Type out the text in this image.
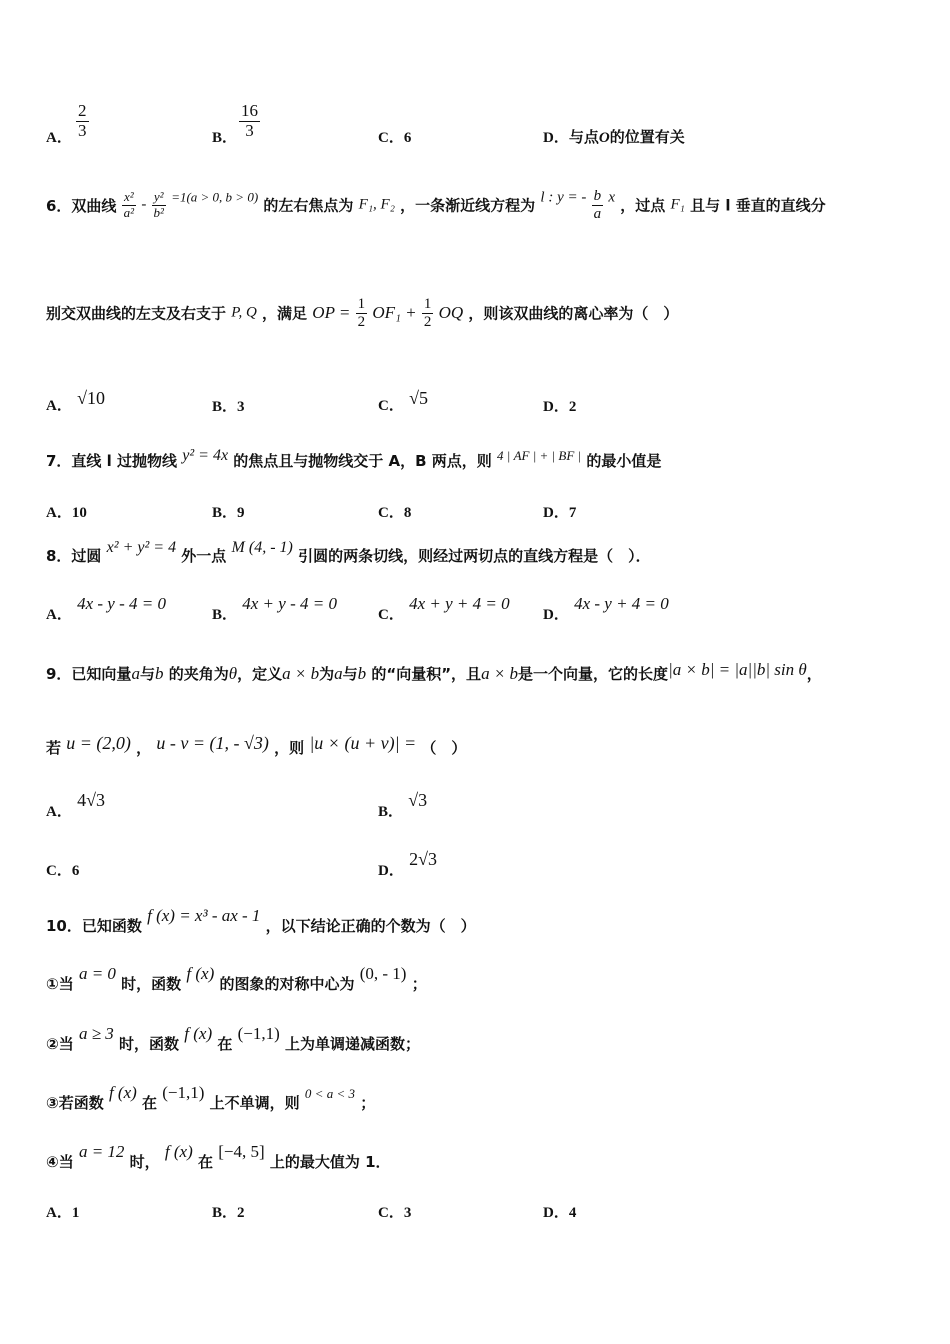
A． $\frac{2}{3}$	B． $\frac{16}{3}$	C．6	D．与点O的位置有关
6．双曲线 $\frac{\text{x²}}{\text{a²}} - \frac{\text{y²}}{\text{b²}} =1(a > 0$, b > 0) 的左右焦点为 F₁, F₂ ，一条渐近线方程为 l : y = - $\frac{b}{a}$ x ，过点 F₁ 且与 l 垂直的直线分
别交双曲线的左支及右支于 P, Q ，满足 OP = $\frac{1}{2} OF_1 + \frac{1}{2}$ OQ ，则该双曲线的离心率为（　）
A． √10	B．3	C． √5	D．2
7．直线 l 过抛物线 y² = 4x 的焦点且与抛物线交于 A，B 两点，则 4 | AF | + | BF | 的最小值是
A．10	B．9	C．8	D．7
8．过圆 x² + y² = 4 外一点 M (4, - 1) 引圆的两条切线，则经过两切点的直线方程是（　）．
A． 4x - y - 4 = 0
B． 4x + y - 4 = 0
C． 4x + y + 4 = 0
D． 4x - y + 4 = 0
9．已知向量a与b 的夹角为θ，定义a × b为a与b 的“向量积”，且a × b是一个向量，它的长度|a × b| = |a||b| sin θ，
若 u = (2,0) ， u - v = (1, - √3) ，则 |u × (u + v)| = （　）
A． 4√3
B． √3
C．6	D． 2√3
10．已知函数 f (x) = x³ - ax - 1 ，以下结论正确的个数为（　）
①当 a = 0 时，函数 f (x) 的图象的对称中心为 (0, - 1) ；
②当 a ≥ 3 时，函数 f (x) 在 (−1,1) 上为单调递减函数；
③若函数 f (x) 在 (−1,1) 上不单调，则 0 < a < 3 ；
④当 a = 12 时， f (x) 在 [−4, 5] 上的最大值为 1．
A．1	B．2	C．3	D．4
